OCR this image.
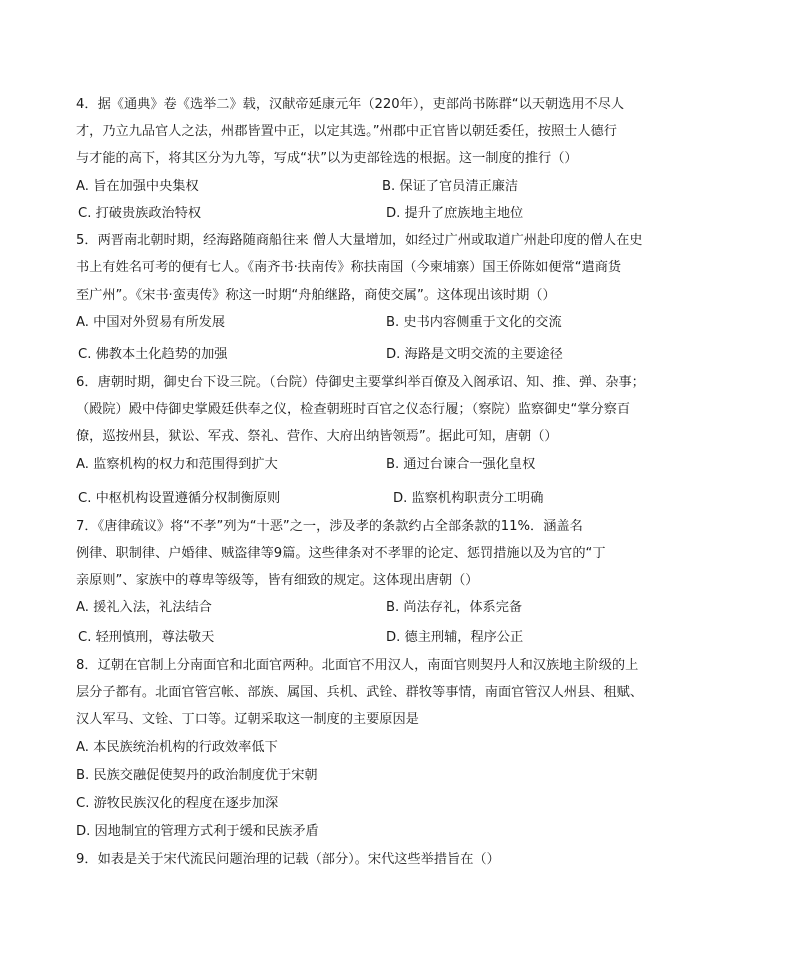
4．据《通典》卷《选举二》载，汉献帝延康元年（220年），吏部尚书陈群“以天朝选用不尽人
才，乃立九品官人之法，州郡皆置中正，以定其选。”州郡中正官皆以朝廷委任，按照士人德行
与才能的高下，将其区分为九等，写成“状”以为吏部铨选的根据。这一制度的推行（）
A. 旨在加强中央集权	B. 保证了官员清正廉洁
C. 打破贵族政治特权	D. 提升了庶族地主地位
5．两晋南北朝时期，经海路随商船往来 僧人大量增加，如经过广州或取道广州赴印度的僧人在史
书上有姓名可考的便有七人。《南齐书·扶南传》称扶南国（今柬埔寨）国王侨陈如便常“遣商货
至广州”。《宋书·蛮夷传》称这一时期“舟舶继路，商使交属”。这体现出该时期（）
A. 中国对外贸易有所发展	B. 史书内容侧重于文化的交流
C. 佛教本土化趋势的加强	D. 海路是文明交流的主要途径
6．唐朝时期，御史台下设三院。（台院）侍御史主要掌纠举百僚及入阁承诏、知、推、弹、杂事；
（殿院）殿中侍御史掌殿廷供奉之仪，检查朝班时百官之仪态行履；（察院）监察御史“掌分察百
僚，巡按州县，狱讼、军戎、祭礼、营作、大府出纳皆领焉”。据此可知，唐朝（）
A. 监察机构的权力和范围得到扩大	B. 通过台谏合一强化皇权
C. 中枢机构设置遵循分权制衡原则	D. 监察机构职责分工明确
7．《唐律疏议》将“不孝”列为“十恶”之一，涉及孝的条款约占全部条款的11%．涵盖名
例律、职制律、户婚律、贼盗律等9篇。这些律条对不孝罪的论定、惩罚措施以及为官的“丁
亲原则”、家族中的尊卑等级等，皆有细致的规定。这体现出唐朝（）
A. 援礼入法，礼法结合	B. 尚法存礼，体系完备
C. 轻刑慎刑，尊法敬天	D. 德主刑辅，程序公正
8．辽朝在官制上分南面官和北面官两种。北面官不用汉人，南面官则契丹人和汉族地主阶级的上
层分子都有。北面官管宫帐、部族、属国、兵机、武铨、群牧等事情，南面官管汉人州县、租赋、
汉人军马、文铨、丁口等。辽朝采取这一制度的主要原因是
A. 本民族统治机构的行政效率低下
B. 民族交融促使契丹的政治制度优于宋朝
C. 游牧民族汉化的程度在逐步加深
D. 因地制宜的管理方式利于缓和民族矛盾
9．如表是关于宋代流民问题治理的记载（部分）。宋代这些举措旨在（）
